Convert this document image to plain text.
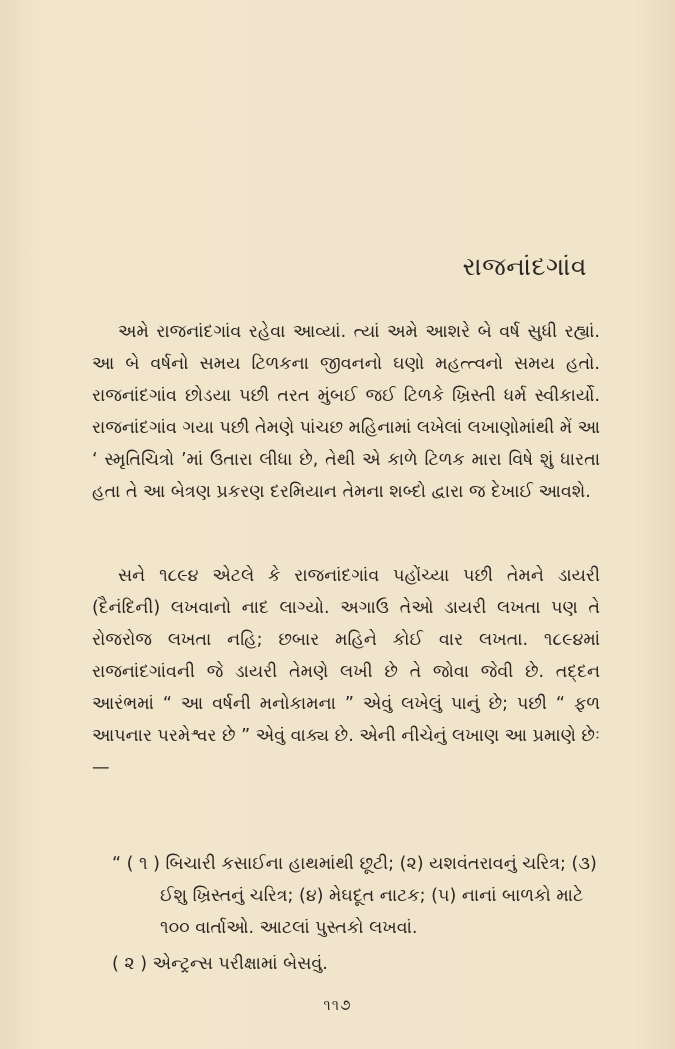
રાજનાંદગાંવ

અમે રાજનાંદગાંવ રહેવા આવ્યાં. ત્યાં અમે આશરે બે વર્ષ સુધી રહ્યાં. આ બે વર્ષનો સમય ટિળકના જીવનનો ઘણો મહત્ત્વનો સમય હતો. રાજનાંદગાંવ છોડયા પછી તરત મુંબઈ જઈ ટિળકે ખ્રિસ્તી ધર્મ સ્વીકાર્યો. રાજનાંદગાંવ ગયા પછી તેમણે પાંચછ મહિનામાં લખેલાં લખાણોમાંથી મેં આ ‘ સ્મૃતિચિત્રો ’માં ઉતારા લીધા છે, તેથી એ કાળે ટિળક મારા વિષે શું ધારતા હતા તે આ બેત્રણ પ્રકરણ દરમિયાન તેમના શબ્દો દ્વારા જ દેખાઈ આવશે.

સને ૧૮૯૪ એટલે કે રાજનાંદગાંવ પહોંચ્યા પછી તેમને ડાયરી (દૈનંદિની) લખવાનો નાદ લાગ્યો. અગાઉ તેઓ ડાયરી લખતા પણ તે રોજરોજ લખતા નહિ; છબાર મહિને કોઈ વાર લખતા. ૧૮૯૪માં રાજનાંદગાંવની જે ડાયરી તેમણે લખી છે તે જોવા જેવી છે. તદ્દન આરંભમાં “ આ વર્ષની મનોકામના ” એવું લખેલું પાનું છે; પછી “ ફળ આપનાર પરમેશ્વર છે ” એવું વાક્ય છે. એની નીચેનું લખાણ આ પ્રમાણે છેઃ—

“ ( ૧ ) બિચારી કસાઈના હાથમાંથી છૂટી; (૨) યશવંતરાવનું ચરિત્ર; (૩) ઈશુ ખ્રિસ્તનું ચરિત્ર; (૪) મેઘદૂત નાટક; (૫) નાનાં બાળકો માટે ૧૦૦ વાર્તાઓ. આટલાં પુસ્તકો લખવાં.

( ૨ ) એન્ટ્રન્સ પરીક્ષામાં બેસવું.

૧૧૭
